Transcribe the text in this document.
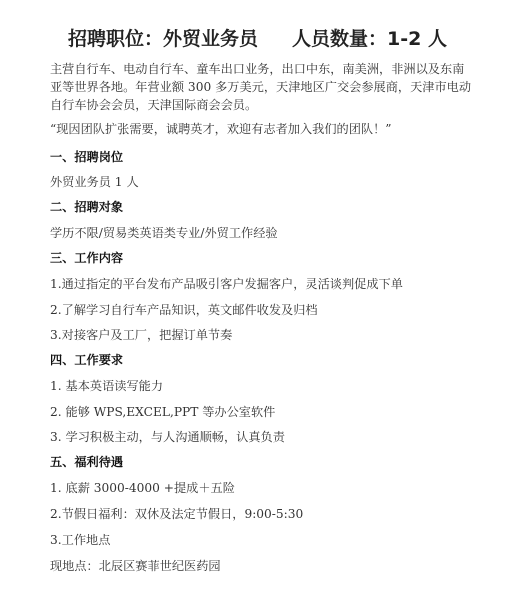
招聘职位：外贸业务员 人员数量：1-2 人
主营自行车、电动自行车、童车出口业务，出口中东，南美洲，非洲以及东南亚等世界各地。年营业额 300 多万美元，天津地区广交会参展商，天津市电动自行车协会会员，天津国际商会会员。
“现因团队扩张需要，诚聘英才，欢迎有志者加入我们的团队！”
一、招聘岗位
外贸业务员 1 人
二、招聘对象
学历不限/贸易类英语类专业/外贸工作经验
三、工作内容
1.通过指定的平台发布产品吸引客户发掘客户，灵活谈判促成下单
2.了解学习自行车产品知识，英文邮件收发及归档
3.对接客户及工厂，把握订单节奏
四、工作要求
1. 基本英语读写能力
2. 能够 WPS,EXCEL,PPT 等办公室软件
3. 学习积极主动，与人沟通顺畅，认真负责
五、福利待遇
1. 底薪 3000-4000 +提成＋五险
2.节假日福利：双休及法定节假日，9:00-5:30
3.工作地点
现地点：北辰区赛菲世纪医药园
